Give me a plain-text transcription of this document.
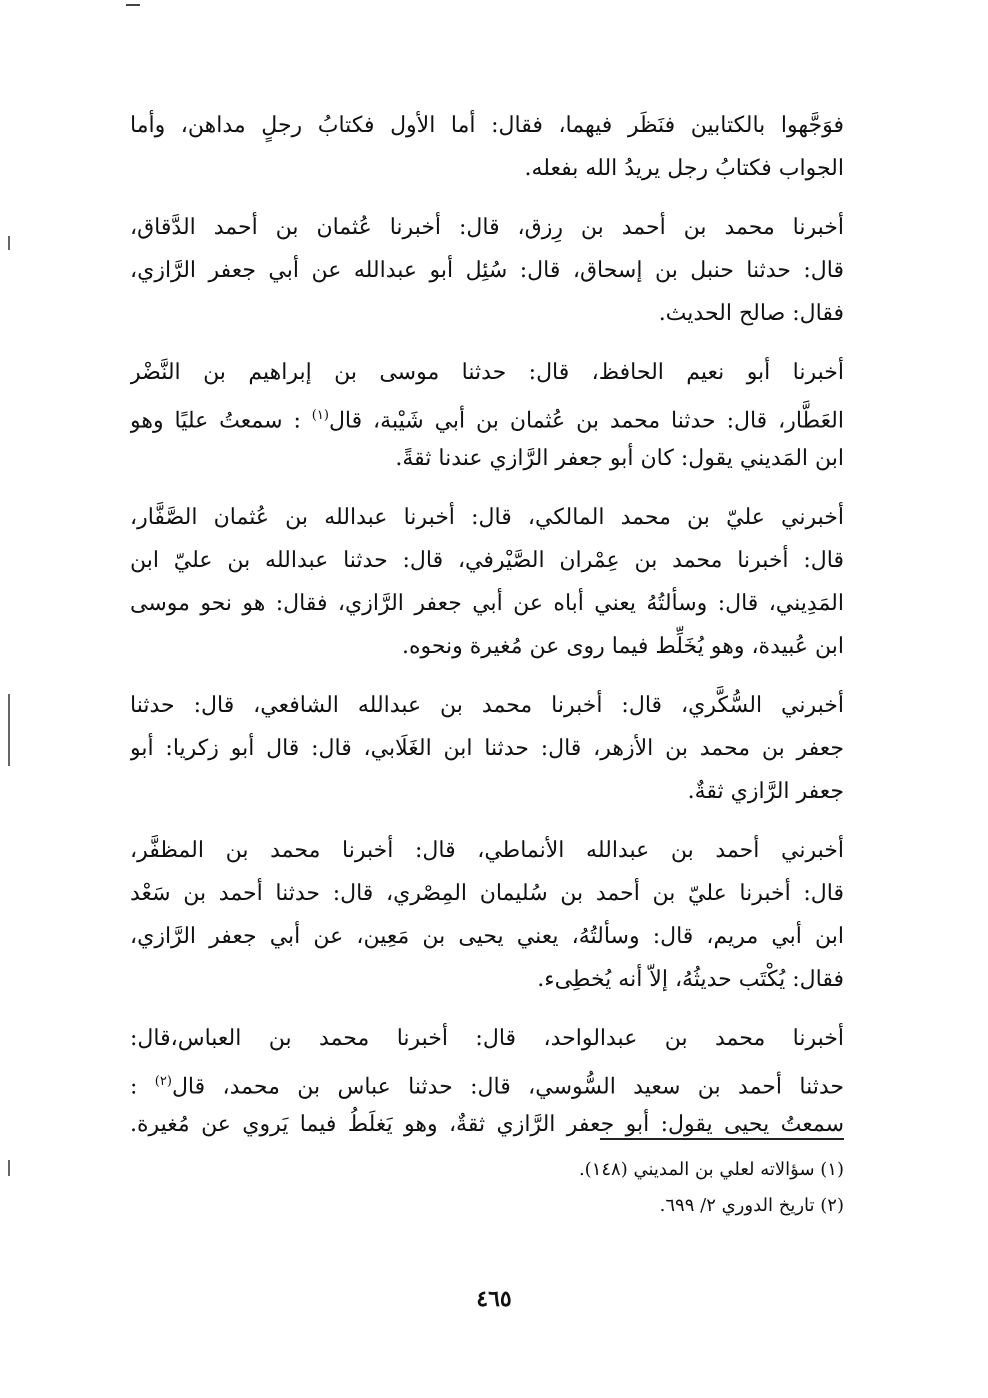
فوَجَّهوا بالكتابين فنَظَر فيهما، فقال: أما الأول فكتابُ رجلٍ مداهن، وأما
الجواب فكتابُ رجل يريدُ الله بفعله.
أخبرنا محمد بن أحمد بن رِزق، قال: أخبرنا عُثمان بن أحمد الدَّقاق،
قال: حدثنا حنبل بن إسحاق، قال: سُئِل أبو عبدالله عن أبي جعفر الرَّازي،
فقال: صالح الحديث.
أخبرنا أبو نعيم الحافظ، قال: حدثنا موسى بن إبراهيم بن النَّضْر
العَطَّار، قال: حدثنا محمد بن عُثمان بن أبي شَيْبة، قال$^{(١)}$ : سمعتُ عليًا وهو
ابن المَديني يقول: كان أبو جعفر الرَّازي عندنا ثقةً.
أخبرني عليّ بن محمد المالكي، قال: أخبرنا عبدالله بن عُثمان الصَّفَّار،
قال: أخبرنا محمد بن عِمْران الصَّيْرفي، قال: حدثنا عبدالله بن عليّ ابن
المَدِيني، قال: وسألتُهُ يعني أباه عن أبي جعفر الرَّازي، فقال: هو نحو موسى
ابن عُبيدة، وهو يُخَلِّط فيما روى عن مُغيرة ونحوه.
أخبرني السُّكَّري، قال: أخبرنا محمد بن عبدالله الشافعي، قال: حدثنا
جعفر بن محمد بن الأزهر، قال: حدثنا ابن الغَلَابي، قال: قال أبو زكريا: أبو
جعفر الرَّازي ثقةٌ.
أخبرني أحمد بن عبدالله الأنماطي، قال: أخبرنا محمد بن المظفَّر،
قال: أخبرنا عليّ بن أحمد بن سُليمان المِصْري، قال: حدثنا أحمد بن سَعْد
ابن أبي مريم، قال: وسألتُهُ، يعني يحيى بن مَعِين، عن أبي جعفر الرَّازي،
فقال: يُكْتَب حديثُهُ، إلاّ أنه يُخطِىء.
أخبرنا محمد بن عبدالواحد، قال: أخبرنا محمد بن العباس،قال:
حدثنا أحمد بن سعيد السُّوسي، قال: حدثنا عباس بن محمد، قال$^{(٢)}$ :
سمعتُ يحيى يقول: أبو جعفر الرَّازي ثقةٌ، وهو يَغلَطُ فيما يَروي عن مُغيرة.
(١) سؤالاته لعلي بن المديني (١٤٨).
(٢) تاريخ الدوري ٢/ ٦٩٩.
٤٦٥
